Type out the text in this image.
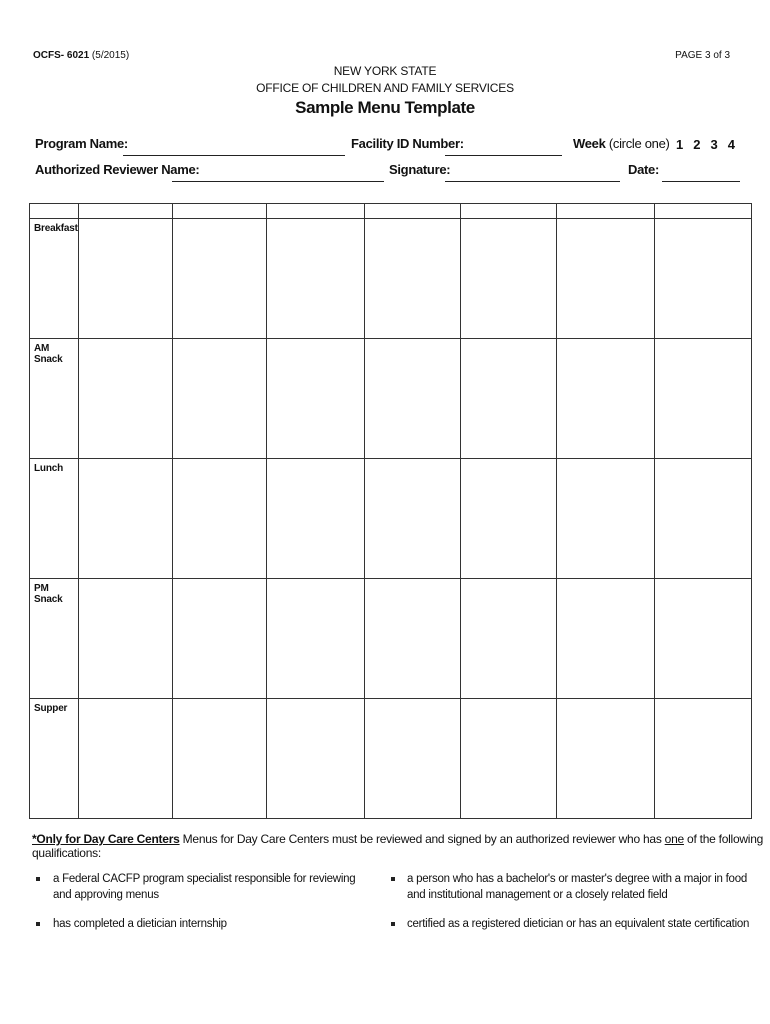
OCFS- 6021 (5/2015)	PAGE 3 of 3
NEW YORK STATE
OFFICE OF CHILDREN AND FAMILY SERVICES
Sample Menu Template
Program Name:	Facility ID Number:	Week (circle one) 1 2 3 4
Authorized Reviewer Name:	Signature:	Date:

Breakfast							

AM Snack							

Lunch							

PM Snack							

Supper							

*Only for Day Care Centers Menus for Day Care Centers must be reviewed and signed by an authorized reviewer who has one of the following qualifications:
a Federal CACFP program specialist responsible for reviewing and approving menus
has completed a dietician internship
a person who has a bachelor's or master's degree with a major in food and institutional management or a closely related field
certified as a registered dietician or has an equivalent state certification
